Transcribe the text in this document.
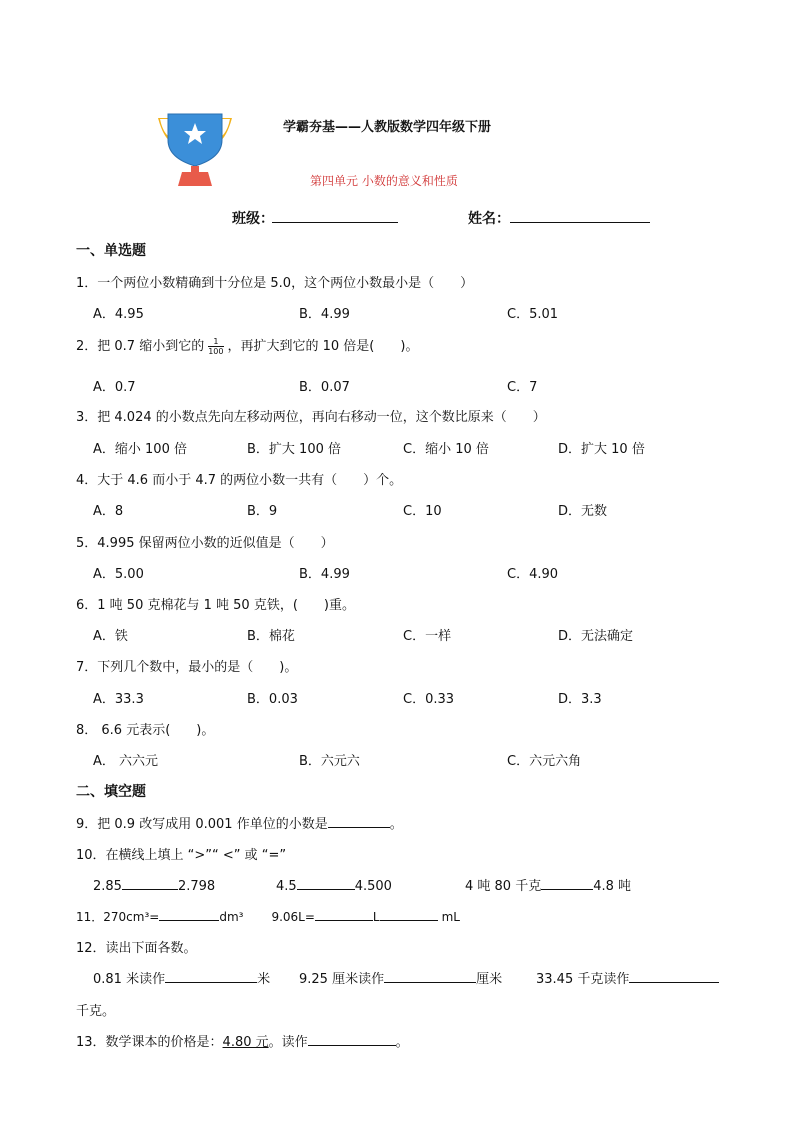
学霸夯基——人教版数学四年级下册
第四单元 小数的意义和性质
班级：	姓名：
一、单选题
1．一个两位小数精确到十分位是 5.0，这个两位小数最小是（　　）
A．4.95	B．4.99	C．5.01
2．把 0.7 缩小到它的 $\frac{1}{100}$ ，再扩大到它的 10 倍是(　　)。
A．0.7	B．0.07	C．7
3．把 4.024 的小数点先向左移动两位，再向右移动一位，这个数比原来（　　）
A．缩小 100 倍	B．扩大 100 倍	C．缩小 10 倍	D．扩大 10 倍
4．大于 4.6 而小于 4.7 的两位小数一共有（　　）个。
A．8	B．9	C．10	D．无数
5．4.995 保留两位小数的近似值是（　　）
A．5.00	B．4.99	C．4.90
6．1 吨 50 克棉花与 1 吨 50 克铁，(　　)重。
A．铁	B．棉花	C．一样	D．无法确定
7．下列几个数中，最小的是（　　)。
A．33.3	B．0.03	C．0.33	D．3.3
8． 6.6 元表示(　　)。
A． 六六元	B．六元六	C．六元六角
二、填空题
9．把 0.9 改写成用 0.001 作单位的小数是	。
10．在横线上填上 “>”“ <” 或 “=”
2.85	2.798	4.5	4.500	4 吨 80 千克	4.8 吨
11．270cm³=	dm³ 9.06L=	L	mL
12．读出下面各数。
0.81 米读作	米 9.25 厘米读作	厘米	33.45 千克读作
千克。
13．数学课本的价格是：4.80 元。读作	。
